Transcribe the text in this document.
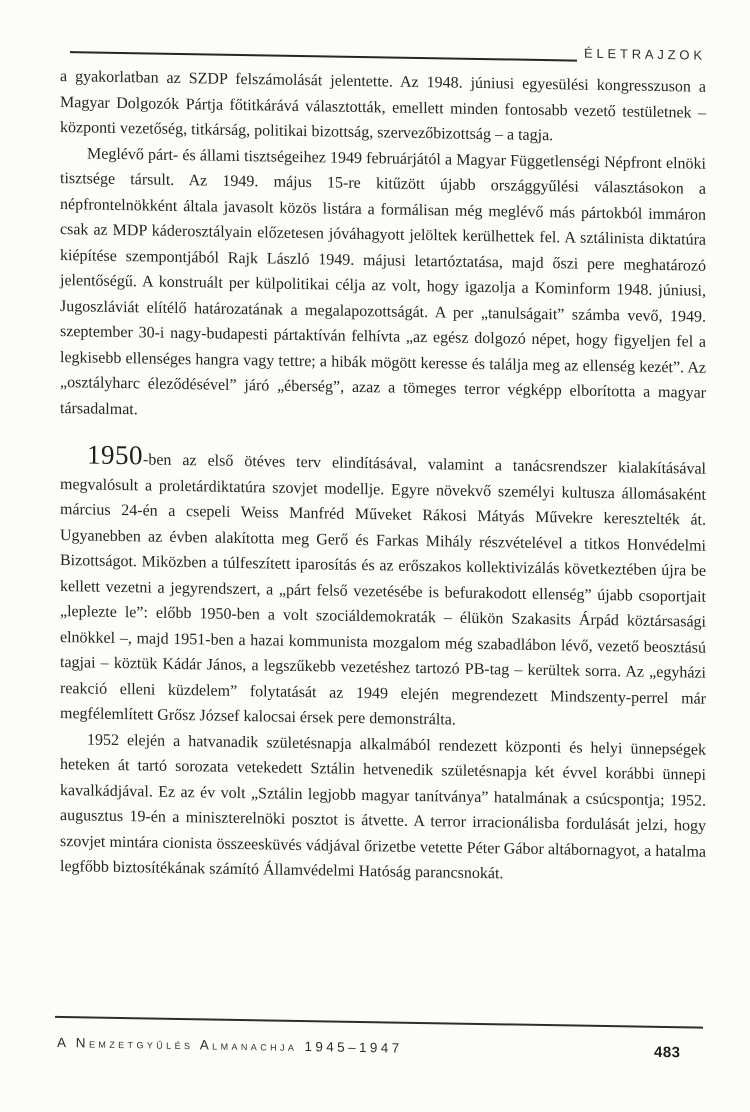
ÉLETRAJZOK

a gyakorlatban az SZDP felszámolását jelentette. Az 1948. júniusi egyesülési kongresszuson a Magyar Dolgozók Pártja főtitkárává választották, emellett minden fontosabb vezető testületnek – központi vezetőség, titkárság, politikai bizottság, szervezőbizottság – a tagja.

Meglévő párt- és állami tisztségeihez 1949 februárjától a Magyar Függetlenségi Népfront elnöki tisztsége társult. Az 1949. május 15-re kitűzött újabb országgyűlési választásokon a népfrontelnökként általa javasolt közös listára a formálisan még meglévő más pártokból immáron csak az MDP káderosztályain előzetesen jóváhagyott jelöltek kerülhettek fel. A sztálinista diktatúra kiépítése szempontjából Rajk László 1949. májusi letartóztatása, majd őszi pere meghatározó jelentőségű. A konstruált per külpolitikai célja az volt, hogy igazolja a Kominform 1948. júniusi, Jugoszláviát elítélő határozatának a megalapozottságát. A per „tanulságait” számba vevő, 1949. szeptember 30-i nagy-budapesti pártaktíván felhívta „az egész dolgozó népet, hogy figyeljen fel a legkisebb ellenséges hangra vagy tettre; a hibák mögött keresse és találja meg az ellenség kezét”. Az „osztályharc éleződésével” járó „éberség”, azaz a tömeges terror végképp elborította a magyar társadalmat.

1950-ben az első ötéves terv elindításával, valamint a tanácsrendszer kialakításával megvalósult a proletárdiktatúra szovjet modellje. Egyre növekvő személyi kultusza állomásaként március 24-én a csepeli Weiss Manfréd Műveket Rákosi Mátyás Művekre keresztelték át. Ugyanebben az évben alakította meg Gerő és Farkas Mihály részvételével a titkos Honvédelmi Bizottságot. Miközben a túlfeszített iparosítás és az erőszakos kollektivizálás következtében újra be kellett vezetni a jegyrendszert, a „párt felső vezetésébe is befurakodott ellenség” újabb csoportjait „leplezte le”: előbb 1950-ben a volt szociáldemokraták – élükön Szakasits Árpád köztársasági elnökkel –, majd 1951-ben a hazai kommunista mozgalom még szabadlábon lévő, vezető beosztású tagjai – köztük Kádár János, a legszűkebb vezetéshez tartozó PB-tag – kerültek sorra. Az „egyházi reakció elleni küzdelem” folytatását az 1949 elején megrendezett Mindszenty-perrel már megfélemlített Grősz József kalocsai érsek pere demonstrálta.

1952 elején a hatvanadik születésnapja alkalmából rendezett központi és helyi ünnepségek heteken át tartó sorozata vetekedett Sztálin hetvenedik születésnapja két évvel korábbi ünnepi kavalkádjával. Ez az év volt „Sztálin legjobb magyar tanítványa” hatalmának a csúcspontja; 1952. augusztus 19-én a miniszterelnöki posztot is átvette. A terror irracionálisba fordulását jelzi, hogy szovjet mintára cionista összeesküvés vádjával őrizetbe vetette Péter Gábor altábornagyot, a hatalma legfőbb biztosítékának számító Államvédelmi Hatóság parancsnokát.

A Nemzetgyűlés Almanachja 1945–1947	483
